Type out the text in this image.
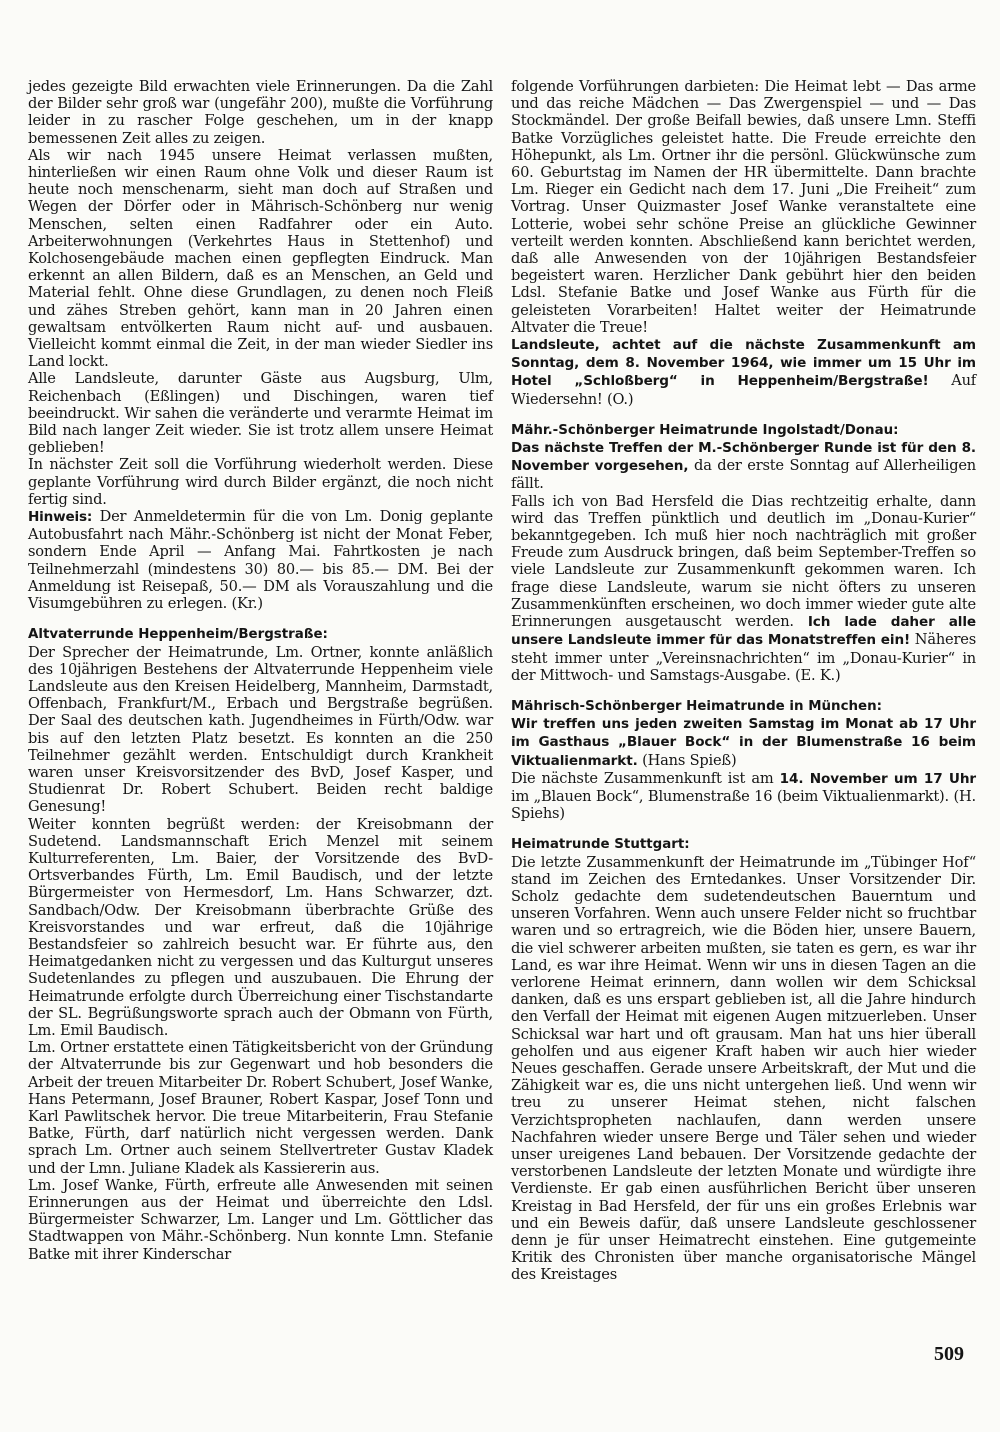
jedes gezeigte Bild erwachten viele Erinnerungen. Da die Zahl der Bilder sehr groß war (ungefähr 200), mußte die Vorführung leider in zu rascher Folge geschehen, um in der knapp bemessenen Zeit alles zu zeigen.

Als wir nach 1945 unsere Heimat verlassen mußten, hinterließen wir einen Raum ohne Volk und dieser Raum ist heute noch menschenarm, sieht man doch auf Straßen und Wegen der Dörfer oder in Mährisch-Schönberg nur wenig Menschen, selten einen Radfahrer oder ein Auto. Arbeiterwohnungen (Verkehrtes Haus in Stettenhof) und Kolchosengebäude machen einen gepflegten Eindruck. Man erkennt an allen Bildern, daß es an Menschen, an Geld und Material fehlt. Ohne diese Grundlagen, zu denen noch Fleiß und zähes Streben gehört, kann man in 20 Jahren einen gewaltsam entvölkerten Raum nicht auf- und ausbauen. Vielleicht kommt einmal die Zeit, in der man wieder Siedler ins Land lockt.

Alle Landsleute, darunter Gäste aus Augsburg, Ulm, Reichenbach (Eßlingen) und Dischingen, waren tief beeindruckt. Wir sahen die veränderte und verarmte Heimat im Bild nach langer Zeit wieder. Sie ist trotz allem unsere Heimat geblieben!

In nächster Zeit soll die Vorführung wiederholt werden. Diese geplante Vorführung wird durch Bilder ergänzt, die noch nicht fertig sind.

Hinweis: Der Anmeldetermin für die von Lm. Donig geplante Autobusfahrt nach Mähr.-Schönberg ist nicht der Monat Feber, sondern Ende April — Anfang Mai. Fahrtkosten je nach Teilnehmerzahl (mindestens 30) 80.— bis 85.— DM. Bei der Anmeldung ist Reisepaß, 50.— DM als Vorauszahlung und die Visumgebühren zu erlegen. (Kr.)

Altvaterrunde Heppenheim/Bergstraße:

Der Sprecher der Heimatrunde, Lm. Ortner, konnte anläßlich des 10jährigen Bestehens der Altvaterrunde Heppenheim viele Landsleute aus den Kreisen Heidelberg, Mannheim, Darmstadt, Offenbach, Frankfurt/M., Erbach und Bergstraße begrüßen. Der Saal des deutschen kath. Jugendheimes in Fürth/Odw. war bis auf den letzten Platz besetzt. Es konnten an die 250 Teilnehmer gezählt werden. Entschuldigt durch Krankheit waren unser Kreisvorsitzender des BvD, Josef Kasper, und Studienrat Dr. Robert Schubert. Beiden recht baldige Genesung!

Weiter konnten begrüßt werden: der Kreisobmann der Sudetend. Landsmannschaft Erich Menzel mit seinem Kulturreferenten, Lm. Baier, der Vorsitzende des BvD-Ortsverbandes Fürth, Lm. Emil Baudisch, und der letzte Bürgermeister von Hermesdorf, Lm. Hans Schwarzer, dzt. Sandbach/Odw. Der Kreisobmann überbrachte Grüße des Kreisvorstandes und war erfreut, daß die 10jährige Bestandsfeier so zahlreich besucht war. Er führte aus, den Heimatgedanken nicht zu vergessen und das Kulturgut unseres Sudetenlandes zu pflegen und auszubauen. Die Ehrung der Heimatrunde erfolgte durch Überreichung einer Tischstandarte der SL. Begrüßungsworte sprach auch der Obmann von Fürth, Lm. Emil Baudisch.

Lm. Ortner erstattete einen Tätigkeitsbericht von der Gründung der Altvaterrunde bis zur Gegenwart und hob besonders die Arbeit der treuen Mitarbeiter Dr. Robert Schubert, Josef Wanke, Hans Petermann, Josef Brauner, Robert Kaspar, Josef Tonn und Karl Pawlitschek hervor. Die treue Mitarbeiterin, Frau Stefanie Batke, Fürth, darf natürlich nicht vergessen werden. Dank sprach Lm. Ortner auch seinem Stellvertreter Gustav Kladek und der Lmn. Juliane Kladek als Kassiererin aus.

Lm. Josef Wanke, Fürth, erfreute alle Anwesenden mit seinen Erinnerungen aus der Heimat und überreichte den Ldsl. Bürgermeister Schwarzer, Lm. Langer und Lm. Göttlicher das Stadtwappen von Mähr.-Schönberg. Nun konnte Lmn. Stefanie Batke mit ihrer Kinderschar

folgende Vorführungen darbieten: Die Heimat lebt — Das arme und das reiche Mädchen — Das Zwergenspiel — und — Das Stockmändel. Der große Beifall bewies, daß unsere Lmn. Steffi Batke Vorzügliches geleistet hatte. Die Freude erreichte den Höhepunkt, als Lm. Ortner ihr die persönl. Glückwünsche zum 60. Geburtstag im Namen der HR übermittelte. Dann brachte Lm. Rieger ein Gedicht nach dem 17. Juni „Die Freiheit“ zum Vortrag. Unser Quizmaster Josef Wanke veranstaltete eine Lotterie, wobei sehr schöne Preise an glückliche Gewinner verteilt werden konnten. Abschließend kann berichtet werden, daß alle Anwesenden von der 10jährigen Bestandsfeier begeistert waren. Herzlicher Dank gebührt hier den beiden Ldsl. Stefanie Batke und Josef Wanke aus Fürth für die geleisteten Vorarbeiten! Haltet weiter der Heimatrunde Altvater die Treue!

Landsleute, achtet auf die nächste Zusammenkunft am Sonntag, dem 8. November 1964, wie immer um 15 Uhr im Hotel „Schloßberg“ in Heppenheim/Bergstraße! Auf Wiedersehn! (O.)

Mähr.-Schönberger Heimatrunde Ingolstadt/Donau:

Das nächste Treffen der M.-Schönberger Runde ist für den 8. November vorgesehen, da der erste Sonntag auf Allerheiligen fällt.

Falls ich von Bad Hersfeld die Dias rechtzeitig erhalte, dann wird das Treffen pünktlich und deutlich im „Donau-Kurier“ bekanntgegeben. Ich muß hier noch nachträglich mit großer Freude zum Ausdruck bringen, daß beim September-Treffen so viele Landsleute zur Zusammenkunft gekommen waren. Ich frage diese Landsleute, warum sie nicht öfters zu unseren Zusammenkünften erscheinen, wo doch immer wieder gute alte Erinnerungen ausgetauscht werden. Ich lade daher alle unsere Landsleute immer für das Monatstreffen ein! Näheres steht immer unter „Vereinsnachrichten“ im „Donau-Kurier“ in der Mittwoch- und Samstags-Ausgabe. (E. K.)

Mährisch-Schönberger Heimatrunde in München:

Wir treffen uns jeden zweiten Samstag im Monat ab 17 Uhr im Gasthaus „Blauer Bock“ in der Blumenstraße 16 beim Viktualienmarkt. (Hans Spieß)

Die nächste Zusammenkunft ist am 14. November um 17 Uhr im „Blauen Bock“, Blumenstraße 16 (beim Viktualienmarkt). (H. Spiehs)

Heimatrunde Stuttgart:

Die letzte Zusammenkunft der Heimatrunde im „Tübinger Hof“ stand im Zeichen des Erntedankes. Unser Vorsitzender Dir. Scholz gedachte dem sudetendeutschen Bauerntum und unseren Vorfahren. Wenn auch unsere Felder nicht so fruchtbar waren und so ertragreich, wie die Böden hier, unsere Bauern, die viel schwerer arbeiten mußten, sie taten es gern, es war ihr Land, es war ihre Heimat. Wenn wir uns in diesen Tagen an die verlorene Heimat erinnern, dann wollen wir dem Schicksal danken, daß es uns erspart geblieben ist, all die Jahre hindurch den Verfall der Heimat mit eigenen Augen mitzuerleben. Unser Schicksal war hart und oft grausam. Man hat uns hier überall geholfen und aus eigener Kraft haben wir auch hier wieder Neues geschaffen. Gerade unsere Arbeitskraft, der Mut und die Zähigkeit war es, die uns nicht untergehen ließ. Und wenn wir treu zu unserer Heimat stehen, nicht falschen Verzichtspropheten nachlaufen, dann werden unsere Nachfahren wieder unsere Berge und Täler sehen und wieder unser ureigenes Land bebauen. Der Vorsitzende gedachte der verstorbenen Landsleute der letzten Monate und würdigte ihre Verdienste. Er gab einen ausführlichen Bericht über unseren Kreistag in Bad Hersfeld, der für uns ein großes Erlebnis war und ein Beweis dafür, daß unsere Landsleute geschlossener denn je für unser Heimatrecht einstehen. Eine gutgemeinte Kritik des Chronisten über manche organisatorische Mängel des Kreistages

509
